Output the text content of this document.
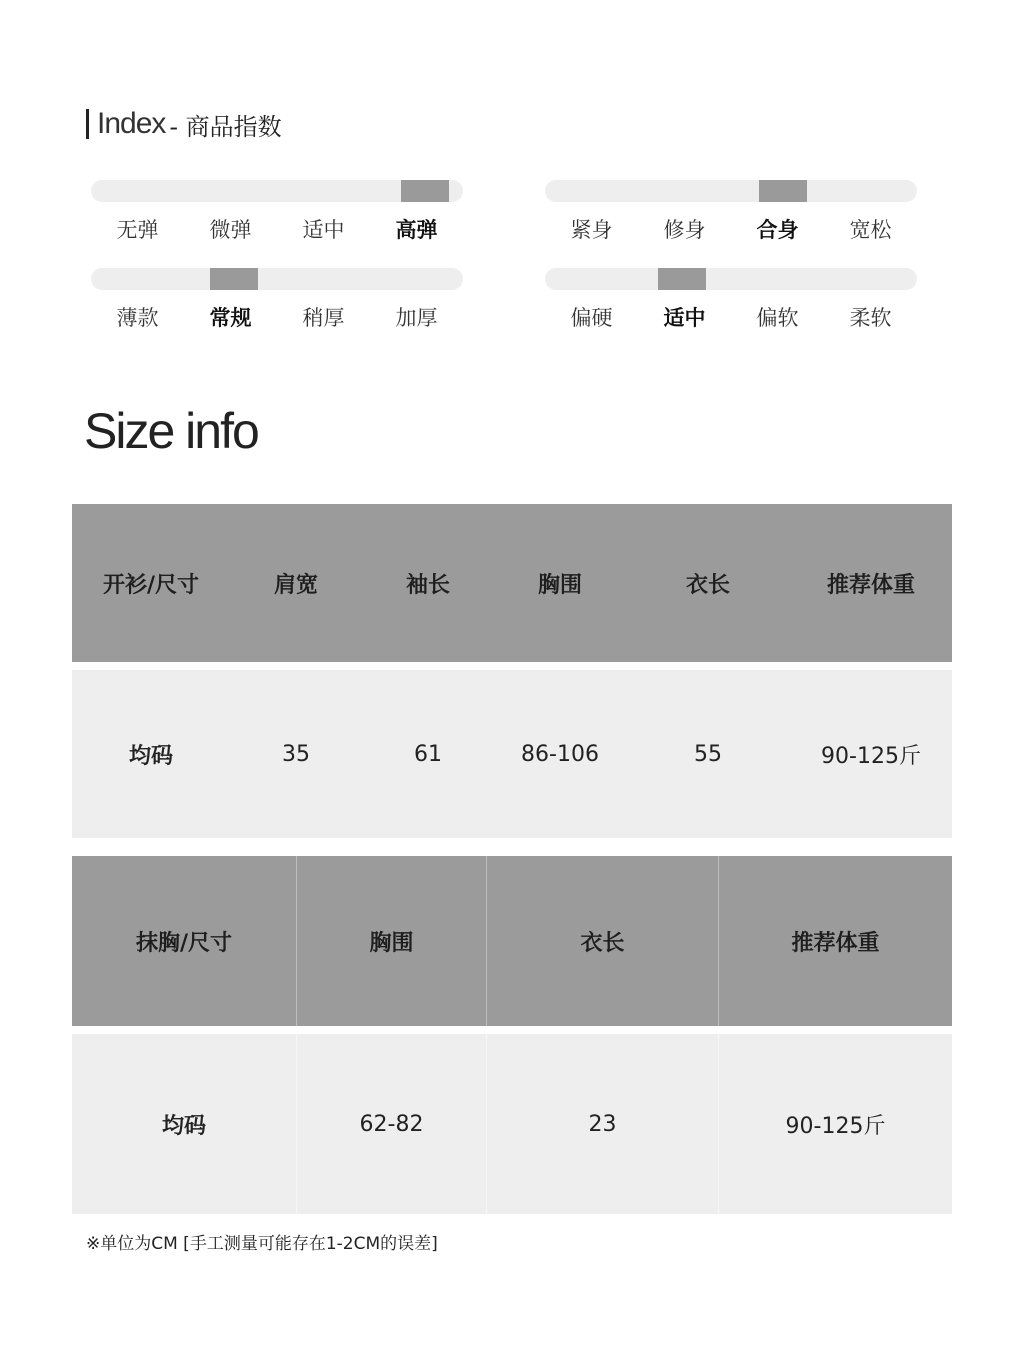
Index - 商品指数
无弹	微弹	适中	高弹	紧身	修身	合身	宽松
薄款	常规	稍厚	加厚	偏硬	适中	偏软	柔软
Size info
开衫/尺寸	肩宽	袖长	胸围	衣长	推荐体重
均码	35	61	86-106	55	90-125斤
抹胸/尺寸	胸围	衣长	推荐体重
均码	62-82	23	90-125斤
※单位为CM [手工测量可能存在1-2CM的误差]
